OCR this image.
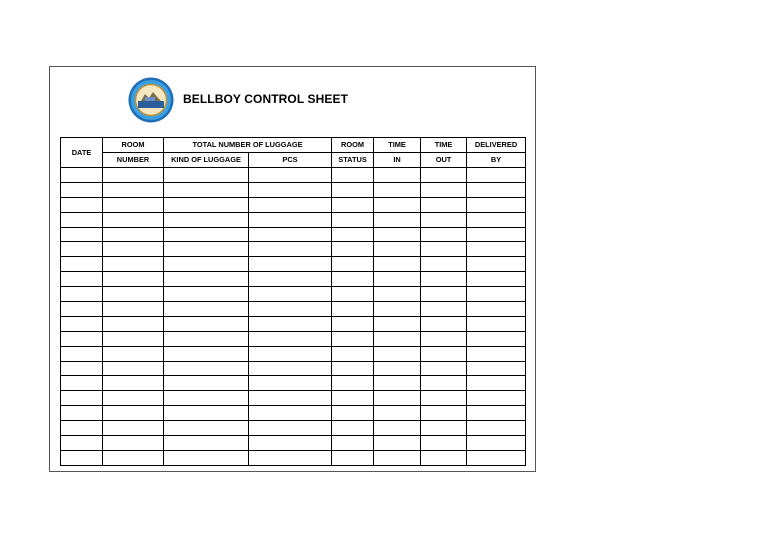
BELLBOY CONTROL SHEET
DATE	ROOM	TOTAL NUMBER OF LUGGAGE		ROOM	TIME	TIME	DELIVERED
	NUMBER	KIND OF LUGGAGE	PCS	STATUS	IN	OUT	BY
